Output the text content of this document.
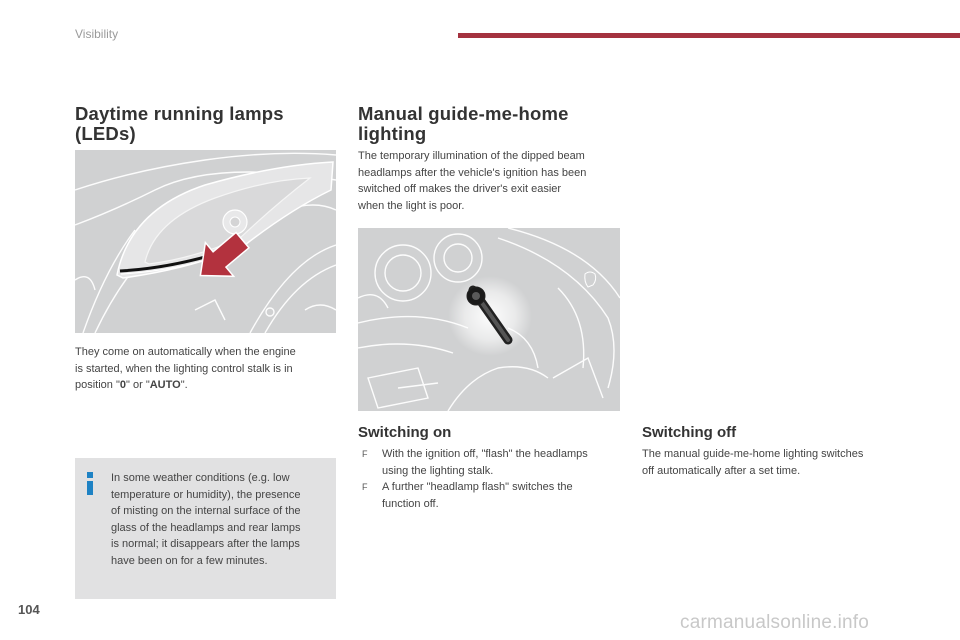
Visibility
Daytime running lamps
(LEDs)

They come on automatically when the engine
is started, when the lighting control stalk is in
position "0" or "AUTO".

In some weather conditions (e.g. low
temperature or humidity), the presence
of misting on the internal surface of the
glass of the headlamps and rear lamps
is normal; it disappears after the lamps
have been on for a few minutes.
Manual guide-me-home
lighting

The temporary illumination of the dipped beam
headlamps after the vehicle's ignition has been
switched off makes the driver's exit easier
when the light is poor.

Switching on
F With the ignition off, "flash" the headlamps
using the lighting stalk.
F A further "headlamp flash" switches the
function off.
Switching off

The manual guide-me-home lighting switches
off automatically after a set time.

104
carmanualsonline.info
